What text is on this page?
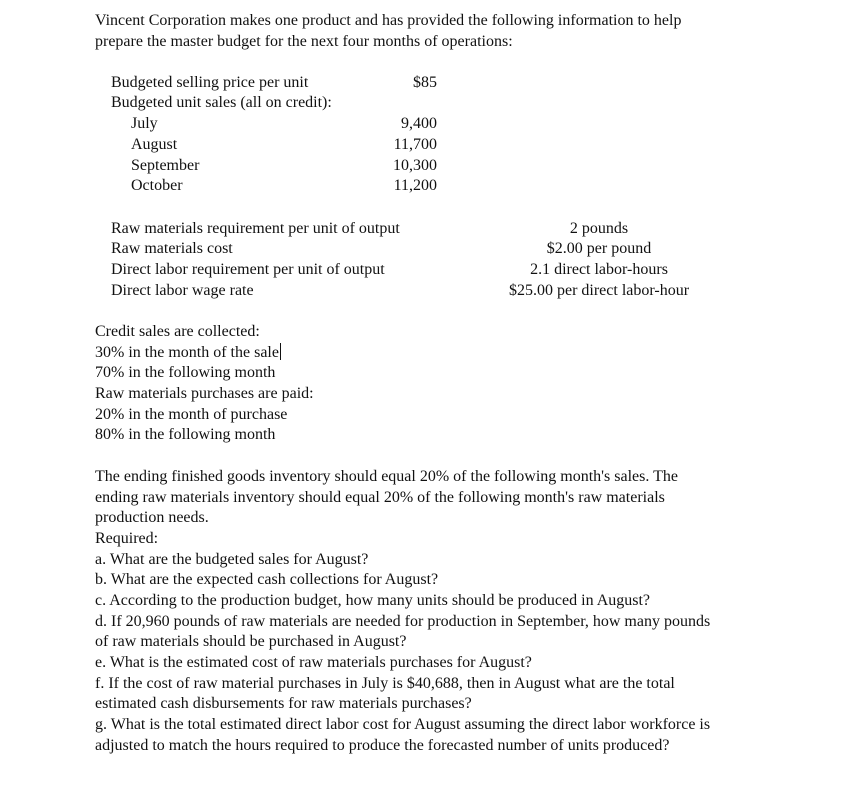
Vincent Corporation makes one product and has provided the following information to help
prepare the master budget for the next four months of operations:
Budgeted selling price per unit	$85
Budgeted unit sales (all on credit):
July	9,400
August	11,700
September	10,300
October	11,200
Raw materials requirement per unit of output	2 pounds
Raw materials cost	$2.00 per pound
Direct labor requirement per unit of output	2.1 direct labor-hours
Direct labor wage rate	$25.00 per direct labor-hour
Credit sales are collected:
30% in the month of the sale
70% in the following month
Raw materials purchases are paid:
20% in the month of purchase
80% in the following month
The ending finished goods inventory should equal 20% of the following month's sales. The
ending raw materials inventory should equal 20% of the following month's raw materials
production needs.
Required:
a. What are the budgeted sales for August?
b. What are the expected cash collections for August?
c. According to the production budget, how many units should be produced in August?
d. If 20,960 pounds of raw materials are needed for production in September, how many pounds
of raw materials should be purchased in August?
e. What is the estimated cost of raw materials purchases for August?
f. If the cost of raw material purchases in July is $40,688, then in August what are the total
estimated cash disbursements for raw materials purchases?
g. What is the total estimated direct labor cost for August assuming the direct labor workforce is
adjusted to match the hours required to produce the forecasted number of units produced?
